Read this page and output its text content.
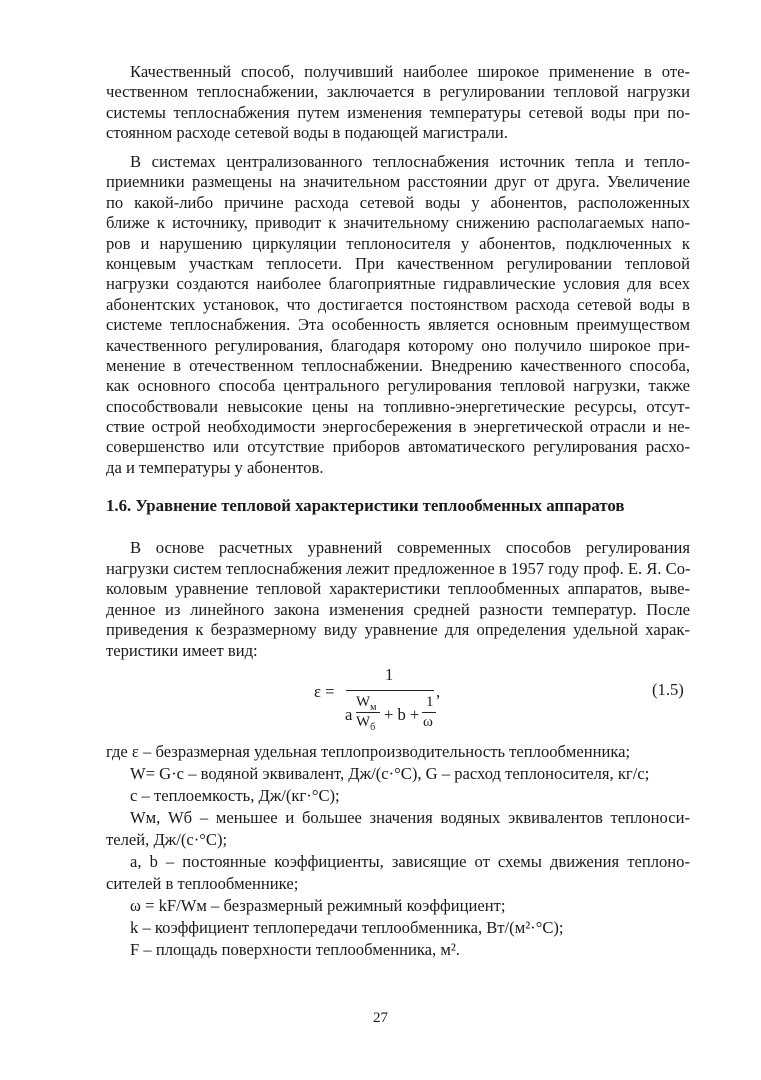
Качественный способ, получивший наиболее широкое применение в оте-
чественном теплоснабжении, заключается в регулировании тепловой нагрузки
системы теплоснабжения путем изменения температуры сетевой воды при по-
стоянном расходе сетевой воды в подающей магистрали.
В системах централизованного теплоснабжения источник тепла и тепло-
приемники размещены на значительном расстоянии друг от друга. Увеличение
по какой-либо причине расхода сетевой воды у абонентов, расположенных
ближе к источнику, приводит к значительному снижению располагаемых напо-
ров и нарушению циркуляции теплоносителя у абонентов, подключенных к
концевым участкам теплосети. При качественном регулировании тепловой
нагрузки создаются наиболее благоприятные гидравлические условия для всех
абонентских установок, что достигается постоянством расхода сетевой воды в
системе теплоснабжения. Эта особенность является основным преимуществом
качественного регулирования, благодаря которому оно получило широкое при-
менение в отечественном теплоснабжении. Внедрению качественного способа,
как основного способа центрального регулирования тепловой нагрузки, также
способствовали невысокие цены на топливно-энергетические ресурсы, отсут-
ствие острой необходимости энергосбережения в энергетической отрасли и не-
совершенство или отсутствие приборов автоматического регулирования расхо-
да и температуры у абонентов.
1.6. Уравнение тепловой характеристики теплообменных аппаратов
В основе расчетных уравнений современных способов регулирования
нагрузки систем теплоснабжения лежит предложенное в 1957 году проф. Е. Я. Со-
коловым уравнение тепловой характеристики теплообменных аппаратов, выве-
денное из линейного закона изменения средней разности температур. После
приведения к безразмерному виду уравнение для определения удельной харак-
теристики имеет вид:
ε =
1
,
a
$W_м$
$W_б$
+ b +
1
ω
(1.5)
где ε – безразмерная удельная теплопроизводительность теплообменника;
W= G·c – водяной эквивалент, Дж/(с·°С), G – расход теплоносителя, кг/с;
с – теплоемкость, Дж/(кг·°С);
Wм, Wб – меньшее и большее значения водяных эквивалентов теплоноси-
телей, Дж/(с·°С);
a, b – постоянные коэффициенты, зависящие от схемы движения теплоно-
сителей в теплообменнике;
ω = kF/Wм – безразмерный режимный коэффициент;
k – коэффициент теплопередачи теплообменника, Вт/(м²·°С);
F – площадь поверхности теплообменника, м².
27
